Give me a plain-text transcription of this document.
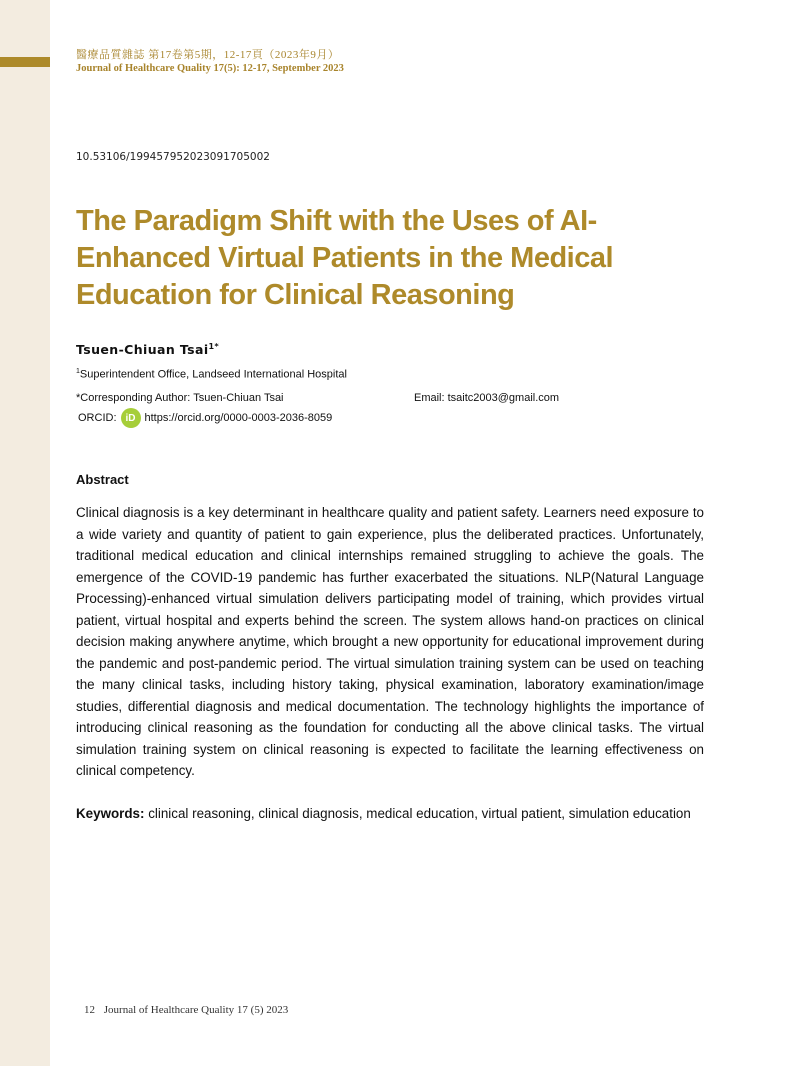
醫療品質雜誌 第17卷第5期，12-17頁（2023年9月）
Journal of Healthcare Quality 17(5): 12-17, September 2023
10.53106/199457952023091705002
The Paradigm Shift with the Uses of AI-Enhanced Virtual Patients in the Medical Education for Clinical Reasoning
Tsuen-Chiuan Tsai$^{1*}$
$^1$Superintendent Office, Landseed International Hospital
*Corresponding Author: Tsuen-Chiuan Tsai	Email: tsaitc2003@gmail.com
ORCID: iD https://orcid.org/0000-0003-2036-8059
Abstract

Clinical diagnosis is a key determinant in healthcare quality and patient safety. Learners need exposure to a wide variety and quantity of patient to gain experience, plus the deliberated practices. Unfortunately, traditional medical education and clinical internships remained struggling to achieve the goals. The emergence of the COVID-19 pandemic has further exacerbated the situations. NLP(Natural Language Processing)-enhanced virtual simulation delivers participating model of training, which provides virtual patient, virtual hospital and experts behind the screen. The system allows hand-on practices on clinical decision making anywhere anytime, which brought a new opportunity for educational improvement during the pandemic and post-pandemic period. The virtual simulation training system can be used on teaching the many clinical tasks, including history taking, physical examination, laboratory examination/image studies, differential diagnosis and medical documentation. The technology highlights the importance of introducing clinical reasoning as the foundation for conducting all the above clinical tasks. The virtual simulation training system on clinical reasoning is expected to facilitate the learning effectiveness on clinical competency.

Keywords: clinical reasoning, clinical diagnosis, medical education, virtual patient, simulation education

12 Journal of Healthcare Quality 17 (5) 2023
